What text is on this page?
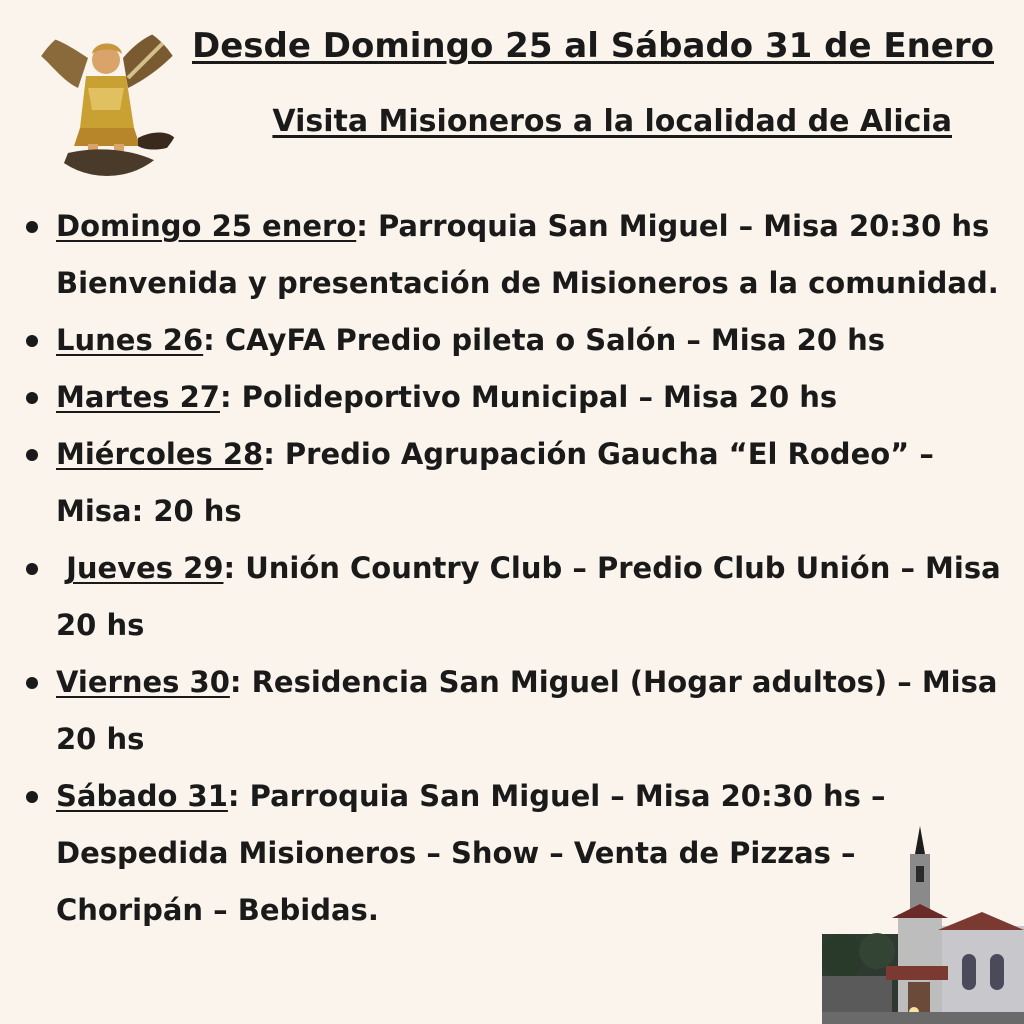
Desde Domingo 25 al Sábado 31 de Enero
Visita Misioneros a la localidad de Alicia
Domingo 25 enero: Parroquia San Miguel – Misa 20:30 hs Bienvenida y presentación de Misioneros a la comunidad.
Lunes 26: CAyFA Predio pileta o Salón – Misa 20 hs
Martes 27: Polideportivo Municipal – Misa 20 hs
Miércoles 28: Predio Agrupación Gaucha “El Rodeo” – Misa: 20 hs
Jueves 29: Unión Country Club – Predio Club Unión – Misa 20 hs
Viernes 30: Residencia San Miguel (Hogar adultos) – Misa 20 hs
Sábado 31: Parroquia San Miguel – Misa 20:30 hs – Despedida Misioneros – Show – Venta de Pizzas – Choripán – Bebidas.
